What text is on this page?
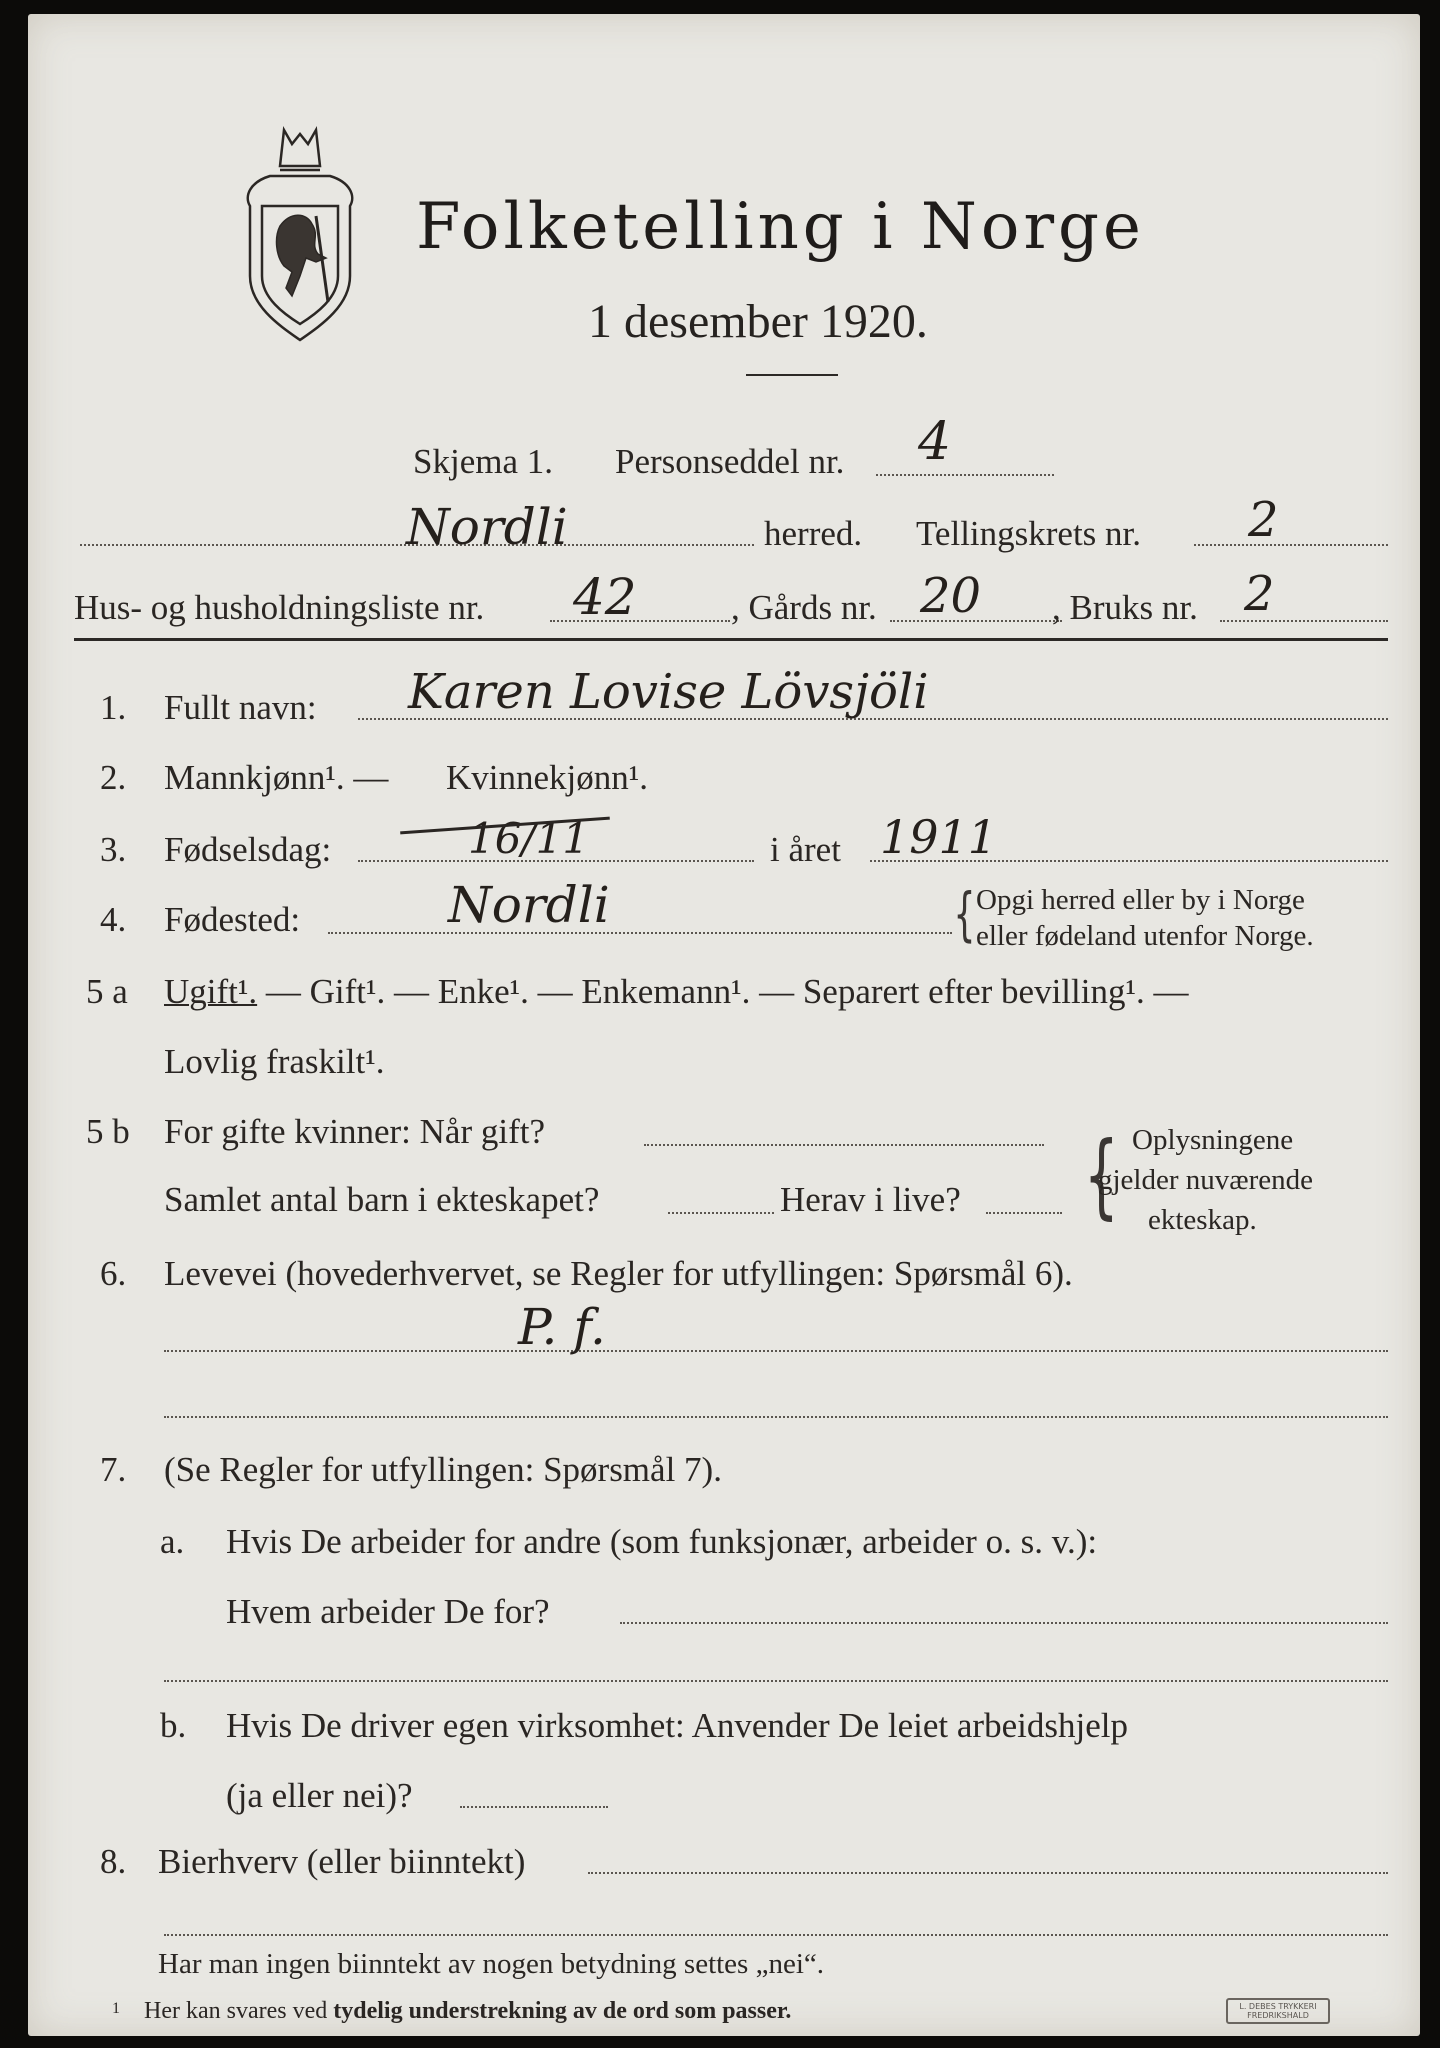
Folketelling i Norge
1 desember 1920.
Skjema 1. Personseddel nr. 4
Nordli	herred. Tellingskrets nr. 2
Hus- og husholdningsliste nr. 42	, Gårds nr. 20 , Bruks nr. 2
1. Fullt navn: Karen Lovise Lövsjöli
2. Mannkjønn¹. — Kvinnekjønn¹.
3. Fødselsdag:	16/11	i året 1911
4. Fødested:	Nordli	{ Opgi herred eller by i Norge
eller fødeland utenfor Norge.
5 a Ugift¹. — Gift¹. — Enke¹. — Enkemann¹. — Separert efter bevilling¹. —
Lovlig fraskilt¹.
5 b For gifte kvinner: Når gift?
Samlet antal barn i ekteskapet?	Herav i live? { Oplysningene
gjelder nuværende
ekteskap.
6. Levevei (hovederhvervet, se Regler for utfyllingen: Spørsmål 6).
P. f.
7. (Se Regler for utfyllingen: Spørsmål 7).
a. Hvis De arbeider for andre (som funksjonær, arbeider o. s. v.):
Hvem arbeider De for?
b. Hvis De driver egen virksomhet: Anvender De leiet arbeidshjelp
(ja eller nei)?
8. Bierhverv (eller biinntekt)
Har man ingen biinntekt av nogen betydning settes „nei“.
1 Her kan svares ved tydelig understrekning av de ord som passer.	L. DEBES TRYKKERI
FREDRIKSHALD
